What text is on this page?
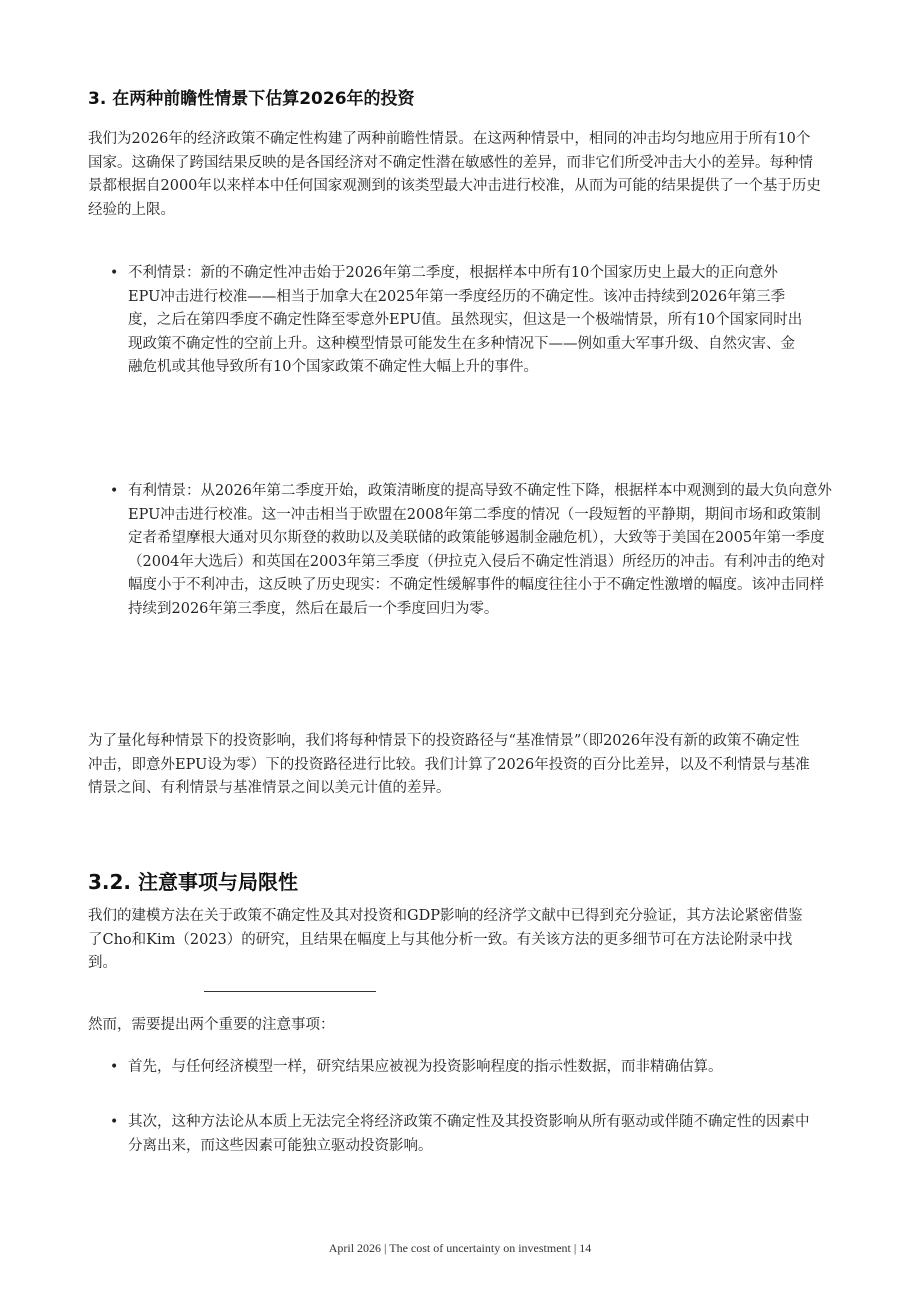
3. 在两种前瞻性情景下估算2026年的投资

我们为2026年的经济政策不确定性构建了两种前瞻性情景。在这两种情景中，相同的冲击均匀地应用于所有10个国家。这确保了跨国结果反映的是各国经济对不确定性潜在敏感性的差异，而非它们所受冲击大小的差异。每种情景都根据自2000年以来样本中任何国家观测到的该类型最大冲击进行校准，从而为可能的结果提供了一个基于历史经验的上限。

• 不利情景：新的不确定性冲击始于2026年第二季度，根据样本中所有10个国家历史上最大的正向意外EPU冲击进行校准——相当于加拿大在2025年第一季度经历的不确定性。该冲击持续到2026年第三季度，之后在第四季度不确定性降至零意外EPU值。虽然现实，但这是一个极端情景，所有10个国家同时出现政策不确定性的空前上升。这种模型情景可能发生在多种情况下——例如重大军事升级、自然灾害、金融危机或其他导致所有10个国家政策不确定性大幅上升的事件。

• 有利情景：从2026年第二季度开始，政策清晰度的提高导致不确定性下降，根据样本中观测到的最大负向意外EPU冲击进行校准。这一冲击相当于欧盟在2008年第二季度的情况（一段短暂的平静期，期间市场和政策制定者希望摩根大通对贝尔斯登的救助以及美联储的政策能够遏制金融危机），大致等于美国在2005年第一季度（2004年大选后）和英国在2003年第三季度（伊拉克入侵后不确定性消退）所经历的冲击。有利冲击的绝对幅度小于不利冲击，这反映了历史现实：不确定性缓解事件的幅度往往小于不确定性激增的幅度。该冲击同样持续到2026年第三季度，然后在最后一个季度回归为零。

为了量化每种情景下的投资影响，我们将每种情景下的投资路径与“基准情景”（即2026年没有新的政策不确定性冲击，即意外EPU设为零）下的投资路径进行比较。我们计算了2026年投资的百分比差异，以及不利情景与基准情景之间、有利情景与基准情景之间以美元计值的差异。

3.2. 注意事项与局限性

我们的建模方法在关于政策不确定性及其对投资和GDP影响的经济学文献中已得到充分验证，其方法论紧密借鉴了Cho和Kim（2023）的研究，且结果在幅度上与其他分析一致。有关该方法的更多细节可在方法论附录中找到。

然而，需要提出两个重要的注意事项：

• 首先，与任何经济模型一样，研究结果应被视为投资影响程度的指示性数据，而非精确估算。

• 其次，这种方法论从本质上无法完全将经济政策不确定性及其投资影响从所有驱动或伴随不确定性的因素中分离出来，而这些因素可能独立驱动投资影响。

April 2026 | The cost of uncertainty on investment | 14
